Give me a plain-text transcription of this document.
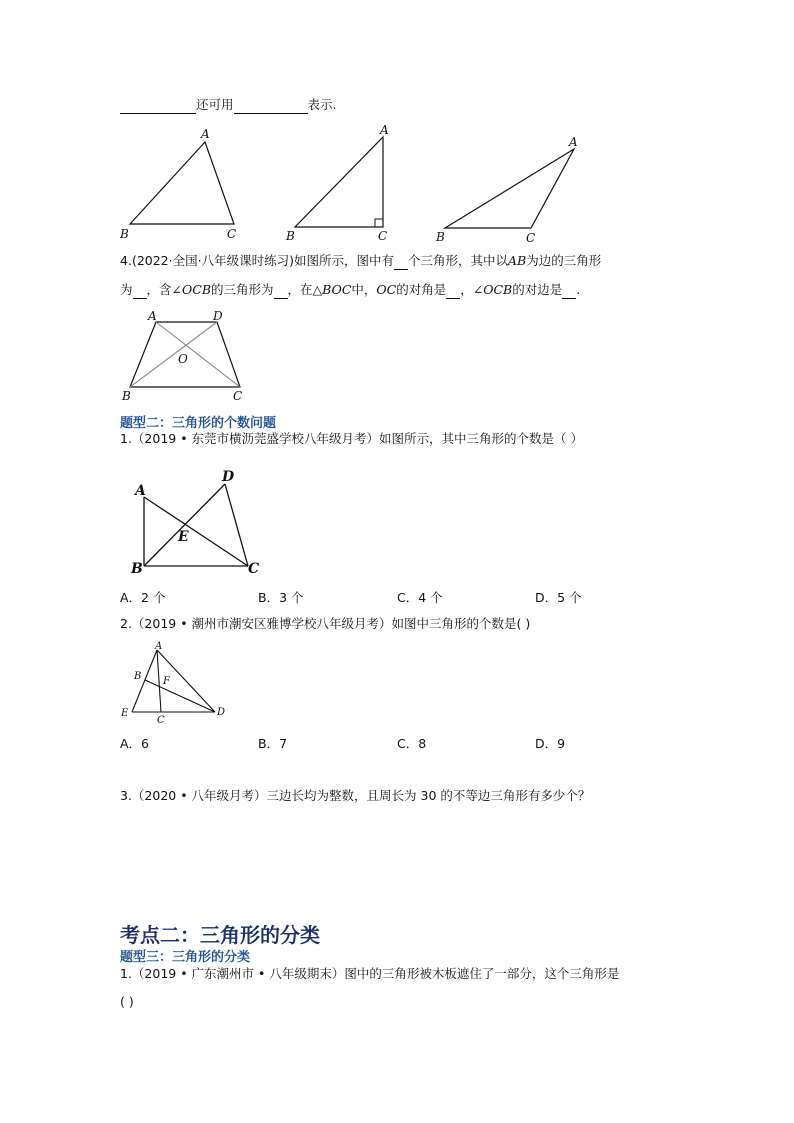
还可用	表示.
A
B	C
A
B	C
A
B	C
4.(2022·全国·八年级课时练习)如图所示，图中有 个三角形，其中以AB为边的三角形
为 ，含∠OCB的三角形为 ，在△BOC中，OC的对角是 ，∠OCB的对边是 .
A	D
O
B	C
题型二：三角形的个数问题
1.（2019 • 东莞市横沥莞盛学校八年级月考）如图所示，其中三角形的个数是（ ）
A
D
E
B	C
A．2 个	B．3 个	C．4 个	D．5 个
2.（2019 • 潮州市潮安区雅博学校八年级月考）如图中三角形的个数是( )
A
B F
E
C
D
A．6	B．7	C．8	D．9
3.（2020 • 八年级月考）三边长均为整数，且周长为 30 的不等边三角形有多少个？
考点二：三角形的分类
题型三：三角形的分类
1.（2019 • 广东潮州市 • 八年级期末）图中的三角形被木板遮住了一部分，这个三角形是
( )
